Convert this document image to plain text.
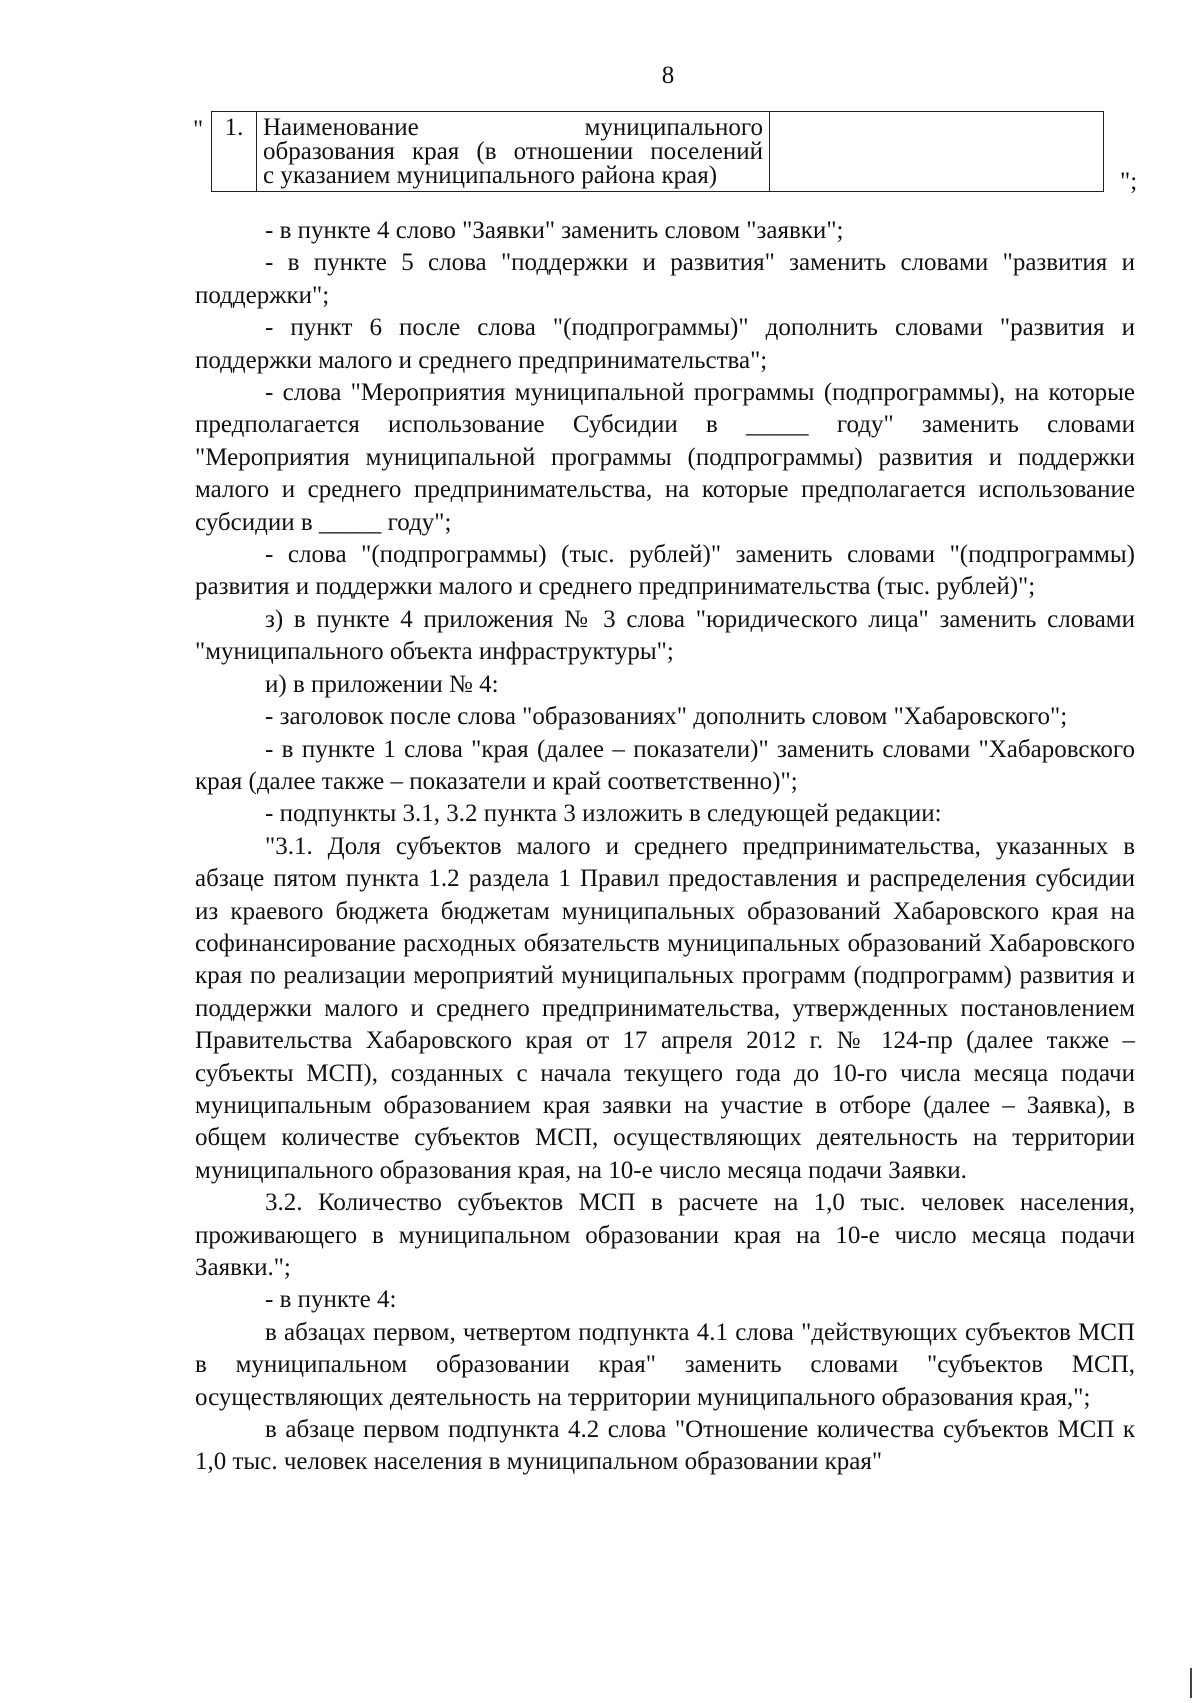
8
" 1.	Наименование муниципального
образования края (в отношении поселений
с указанием муниципального района края)
		";

- в пункте 4 слово "Заявки" заменить словом "заявки";

- в пункте 5 слова "поддержки и развития" заменить словами "развития и поддержки";

- пункт 6 после слова "(подпрограммы)" дополнить словами "развития и поддержки малого и среднего предпринимательства";

- слова "Мероприятия муниципальной программы (подпрограммы), на которые предполагается использование Субсидии в _____ году" заменить словами "Мероприятия муниципальной программы (подпрограммы) развития и поддержки малого и среднего предпринимательства, на которые предполагается использование субсидии в _____ году";

- слова "(подпрограммы) (тыс. рублей)" заменить словами "(подпрограммы) развития и поддержки малого и среднего предпринимательства (тыс. рублей)";

з) в пункте 4 приложения № 3 слова "юридического лица" заменить словами "муниципального объекта инфраструктуры";

и) в приложении № 4:

- заголовок после слова "образованиях" дополнить словом "Хабаровского";

- в пункте 1 слова "края (далее – показатели)" заменить словами "Хабаровского края (далее также – показатели и край соответственно)";

- подпункты 3.1, 3.2 пункта 3 изложить в следующей редакции:

"3.1. Доля субъектов малого и среднего предпринимательства, указанных в абзаце пятом пункта 1.2 раздела 1 Правил предоставления и распределения субсидии из краевого бюджета бюджетам муниципальных образований Хабаровского края на софинансирование расходных обязательств муниципальных образований Хабаровского края по реализации мероприятий муниципальных программ (подпрограмм) развития и поддержки малого и среднего предпринимательства, утвержденных постановлением Правительства Хабаровского края от 17 апреля 2012 г. № 124-пр (далее также – субъекты МСП), созданных с начала текущего года до 10-го числа месяца подачи муниципальным образованием края заявки на участие в отборе (далее – Заявка), в общем количестве субъектов МСП, осуществляющих деятельность на территории муниципального образования края, на 10-е число месяца подачи Заявки.

3.2. Количество субъектов МСП в расчете на 1,0 тыс. человек населения, проживающего в муниципальном образовании края на 10-е число месяца подачи Заявки.";

- в пункте 4:

в абзацах первом, четвертом подпункта 4.1 слова "действующих субъектов МСП в муниципальном образовании края" заменить словами "субъектов МСП, осуществляющих деятельность на территории муниципального образования края,";

в абзаце первом подпункта 4.2 слова "Отношение количества субъектов МСП к 1,0 тыс. человек населения в муниципальном образовании края"
